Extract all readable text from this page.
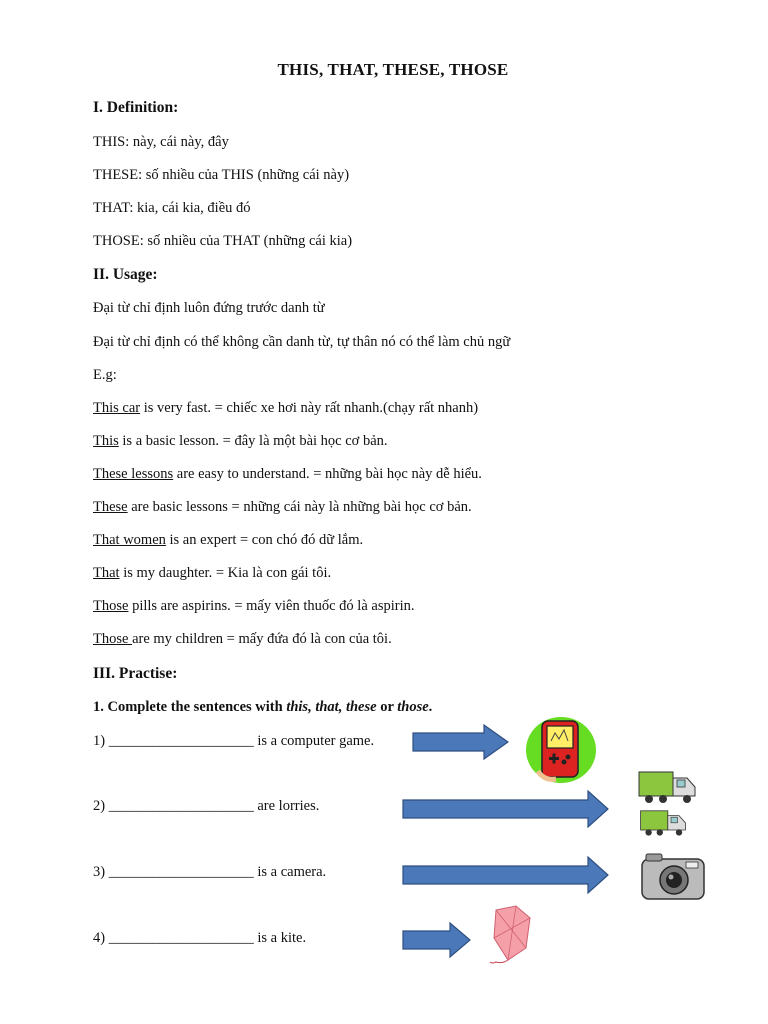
THIS, THAT, THESE, THOSE
I. Definition:
THIS: này, cái này, đây
THESE: số nhiều của THIS (những cái này)
THAT: kia, cái kia, điều đó
THOSE: số nhiều của THAT (những cái kia)
II. Usage:
Đại từ chỉ định luôn đứng trước danh từ
Đại từ chỉ định có thể không cần danh từ, tự thân nó có thể làm chủ ngữ
E.g:
This car is very fast. = chiếc xe hơi này rất nhanh.(chạy rất nhanh)
This is a basic lesson. = đây là một bài học cơ bản.
These lessons are easy to understand. = những bài học này dễ hiểu.
These are basic lessons = những cái này là những bài học cơ bản.
That women is an expert = con chó đó dữ lắm.
That is my daughter. = Kia là con gái tôi.
Those pills are aspirins. = mấy viên thuốc đó là aspirin.
Those are my children = mấy đứa đó là con của tôi.
III. Practise:
1. Complete the sentences with this, that, these or those.
1) ____________________ is a computer game.
2) ____________________ are lorries.
3) ____________________ is a camera.
4) ____________________ is a kite.
